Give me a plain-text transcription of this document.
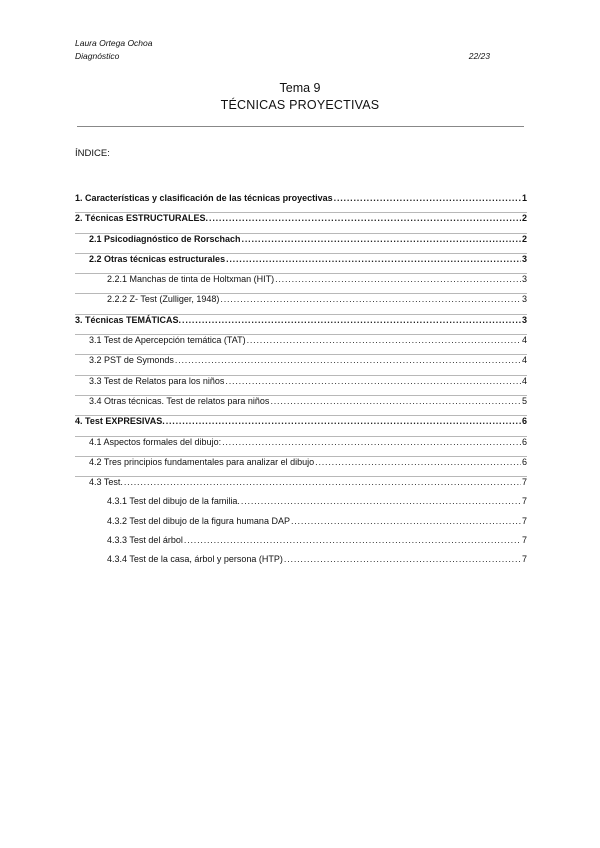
Laura Ortega Ochoa
Diagnóstico	22/23
Tema 9
TÉCNICAS PROYECTIVAS
ÍNDICE:
1. Características y clasificación de las técnicas proyectivas .....	1
2. Técnicas ESTRUCTURALES. .....	2
2.1 Psicodiagnóstico de Rorschach .....	2
2.2 Otras técnicas estructurales .....	3
2.2.1 Manchas de tinta de Holtxman (HIT) .....	3
2.2.2 Z- Test (Zulliger, 1948) .....	3
3. Técnicas TEMÁTICAS. .....	3
3.1 Test de Apercepción temática (TAT) .....	4
3.2 PST de Symonds .....	4
3.3 Test de Relatos para los niños .....	4
3.4 Otras técnicas. Test de relatos para niños .....	5
4. Test EXPRESIVAS. .....	6
4.1 Aspectos formales del dibujo: .....	6
4.2 Tres principios fundamentales para analizar el dibujo .....	6
4.3 Test. .....	7
4.3.1 Test del dibujo de la familia. .....	7
4.3.2 Test del dibujo de la figura humana DAP .....	7
4.3.3 Test del árbol .....	7
4.3.4 Test de la casa, árbol y persona (HTP) .....	7
